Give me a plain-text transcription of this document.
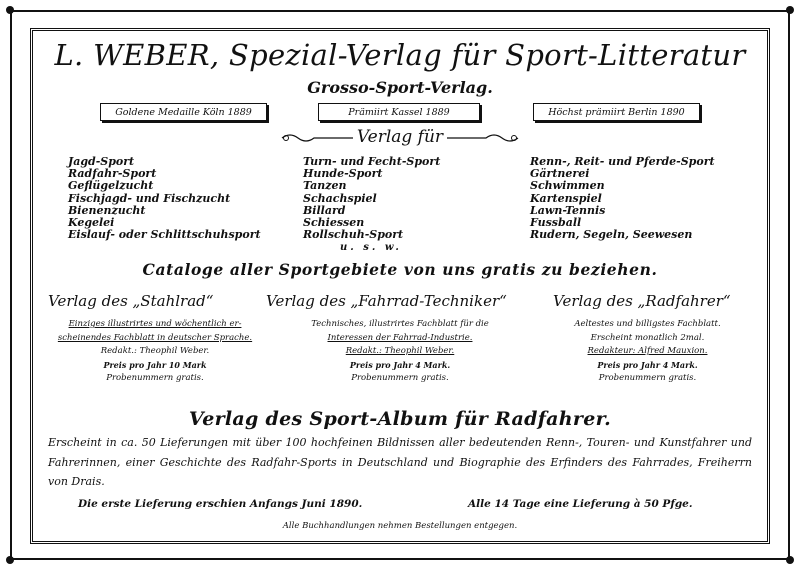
L. WEBER, Spezial-Verlag für Sport-Litteratur
Grosso-Sport-Verlag.
Goldene Medaille Köln 1889	Prämiirt Kassel 1889	Höchst prämiirt Berlin 1890
Verlag für
Jagd-Sport
Radfahr-Sport
Geflügelzucht
Fischjagd- und Fischzucht
Bienenzucht
Kegelei
Eislauf- oder Schlittschuhsport
Turn- und Fecht-Sport
Hunde-Sport
Tanzen
Schachspiel
Billard
Schiessen
Rollschuh-Sport
Renn-, Reit- und Pferde-Sport
Gärtnerei
Schwimmen
Kartenspiel
Lawn-Tennis
Fussball
Rudern, Segeln, Seewesen
u. s. w.
Cataloge aller Sportgebiete von uns gratis zu beziehen.
Verlag des „Stahlrad“	Verlag des „Fahrrad-Techniker“	Verlag des „Radfahrer“
Einziges illustrirtes und wöchentlich er-
scheinendes Fachblatt in deutscher Sprache.
Redakt.: Theophil Weber.
Preis pro Jahr 10 Mark
Probenummern gratis.
Technisches, illustrirtes Fachblatt für die
Interessen der Fahrrad-Industrie.
Redakt.: Theophil Weber.
Preis pro Jahr 4 Mark.
Probenummern gratis.
Aeltestes und billigstes Fachblatt.
Erscheint monatlich 2mal.
Redakteur: Alfred Mauxion.
Preis pro Jahr 4 Mark.
Probenummern gratis.
Verlag des Sport-Album für Radfahrer.
Erscheint in ca. 50 Lieferungen mit über 100 hochfeinen Bildnissen aller bedeutenden Renn-, Touren- und Kunstfahrer und Fahrerinnen, einer Geschichte des Radfahr-Sports in Deutschland und Biographie des Erfinders des Fahrrades, Freiherrn von Drais.
Die erste Lieferung erschien Anfangs Juni 1890.	Alle 14 Tage eine Lieferung à 50 Pfge.
Alle Buchhandlungen nehmen Bestellungen entgegen.
